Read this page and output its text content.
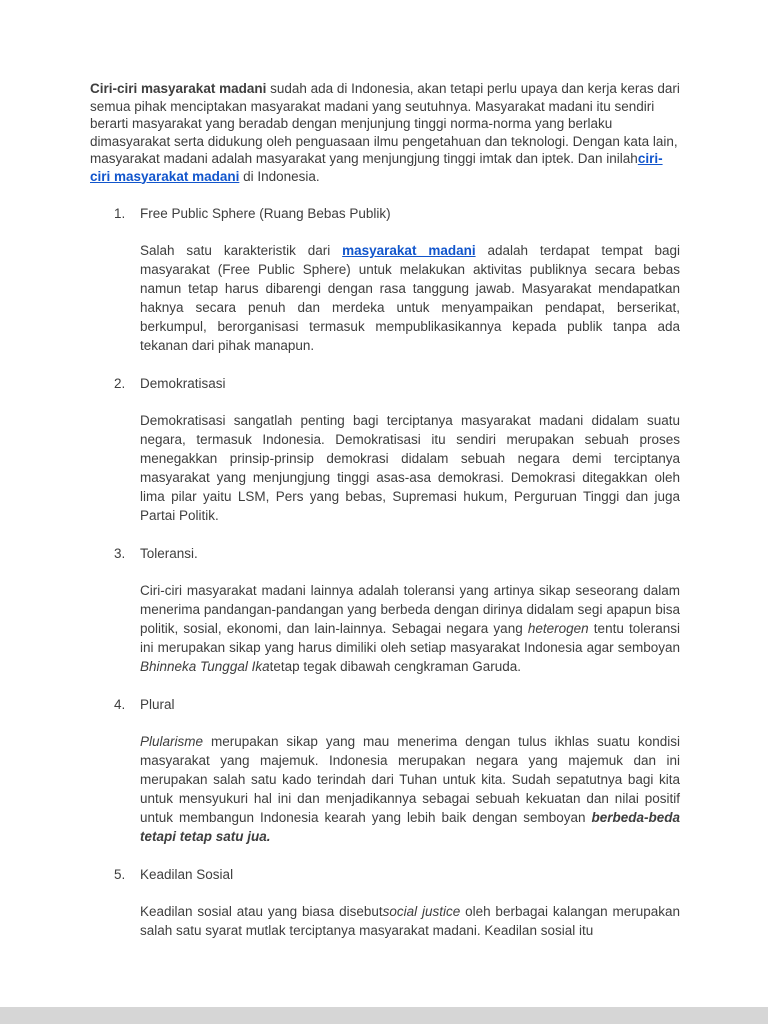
Ciri-ciri masyarakat madani sudah ada di Indonesia, akan tetapi perlu upaya dan kerja keras dari semua pihak menciptakan masyarakat madani yang seutuhnya. Masyarakat madani itu sendiri berarti masyarakat yang beradab dengan menjunjung tinggi norma-norma yang berlaku dimasyarakat serta didukung oleh penguasaan ilmu pengetahuan dan teknologi. Dengan kata lain, masyarakat madani adalah masyarakat yang menjungjung tinggi imtak dan iptek. Dan inilahciri-ciri masyarakat madani di Indonesia.

1.	Free Public Sphere (Ruang Bebas Publik)

Salah satu karakteristik dari masyarakat madani adalah terdapat tempat bagi masyarakat (Free Public Sphere) untuk melakukan aktivitas publiknya secara bebas namun tetap harus dibarengi dengan rasa tanggung jawab. Masyarakat mendapatkan haknya secara penuh dan merdeka untuk menyampaikan pendapat, berserikat, berkumpul, berorganisasi termasuk mempublikasikannya kepada publik tanpa ada tekanan dari pihak manapun.

2.	Demokratisasi

Demokratisasi sangatlah penting bagi terciptanya masyarakat madani didalam suatu negara, termasuk Indonesia. Demokratisasi itu sendiri merupakan sebuah proses menegakkan prinsip-prinsip demokrasi didalam sebuah negara demi terciptanya masyarakat yang menjungjung tinggi asas-asa demokrasi. Demokrasi ditegakkan oleh lima pilar yaitu LSM, Pers yang bebas, Supremasi hukum, Perguruan Tinggi dan juga Partai Politik.

3.	Toleransi.

Ciri-ciri masyarakat madani lainnya adalah toleransi yang artinya sikap seseorang dalam menerima pandangan-pandangan yang berbeda dengan dirinya didalam segi apapun bisa politik, sosial, ekonomi, dan lain-lainnya. Sebagai negara yang heterogen tentu toleransi ini merupakan sikap yang harus dimiliki oleh setiap masyarakat Indonesia agar semboyan Bhinneka Tunggal Ikatetap tegak dibawah cengkraman Garuda.

4.	Plural

Plularisme merupakan sikap yang mau menerima dengan tulus ikhlas suatu kondisi masyarakat yang majemuk. Indonesia merupakan negara yang majemuk dan ini merupakan salah satu kado terindah dari Tuhan untuk kita. Sudah sepatutnya bagi kita untuk mensyukuri hal ini dan menjadikannya sebagai sebuah kekuatan dan nilai positif untuk membangun Indonesia kearah yang lebih baik dengan semboyan berbeda-beda tetapi tetap satu jua.

5.	Keadilan Sosial

Keadilan sosial atau yang biasa disebutsocial justice oleh berbagai kalangan merupakan salah satu syarat mutlak terciptanya masyarakat madani. Keadilan sosial itu
